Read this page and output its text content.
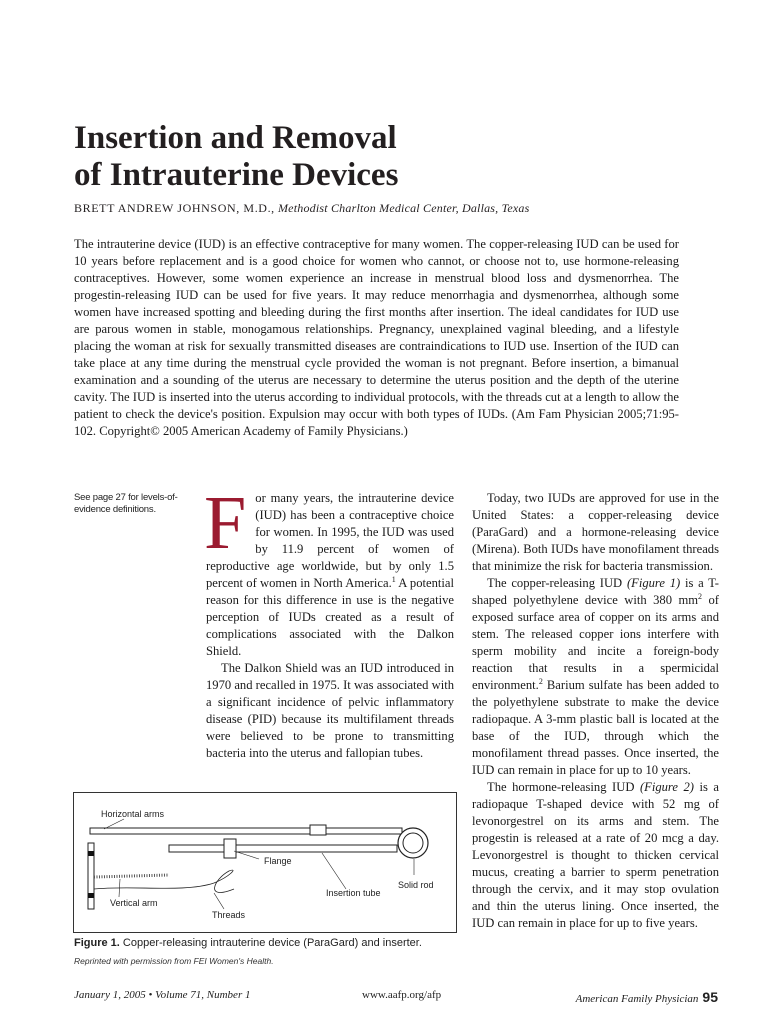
Insertion and Removal
of Intrauterine Devices
BRETT ANDREW JOHNSON, M.D., Methodist Charlton Medical Center, Dallas, Texas

The intrauterine device (IUD) is an effective contraceptive for many women. The copper-releasing IUD can be used for 10 years before replacement and is a good choice for women who cannot, or choose not to, use hormone-releasing contraceptives. However, some women experience an increase in menstrual blood loss and dysmenorrhea. The progestin-releasing IUD can be used for five years. It may reduce menorrhagia and dysmenorrhea, although some women have increased spotting and bleeding during the first months after insertion. The ideal candidates for IUD use are parous women in stable, monogamous relationships. Pregnancy, unexplained vaginal bleeding, and a lifestyle placing the woman at risk for sexually transmitted diseases are contraindications to IUD use. Insertion of the IUD can take place at any time during the menstrual cycle provided the woman is not pregnant. Before insertion, a bimanual examination and a sounding of the uterus are necessary to determine the uterus position and the depth of the uterine cavity. The IUD is inserted into the uterus according to individual protocols, with the threads cut at a length to allow the patient to check the device's position. Expulsion may occur with both types of IUDs. (Am Fam Physician 2005;71:95-102. Copyright© 2005 American Academy of Family Physicians.)

See page 27 for levels-of-evidence definitions. For many years, the intrauterine device (IUD) has been a contraceptive choice for women. In 1995, the IUD was used by 11.9 percent of women of reproductive age worldwide, but by only 1.5 percent of women in North America.$^1$ A potential reason for this difference in use is the negative perception of IUDs created as a result of complications associated with the Dalkon Shield.

The Dalkon Shield was an IUD introduced in 1970 and recalled in 1975. It was associated with a significant incidence of pelvic inflammatory disease (PID) because its multifilament threads were believed to be prone to transmitting bacteria into the uterus and fallopian tubes.

Today, two IUDs are approved for use in the United States: a copper-releasing device (ParaGard) and a hormone-releasing device (Mirena). Both IUDs have monofilament threads that minimize the risk for bacteria transmission.

The copper-releasing IUD (Figure 1) is a T-shaped polyethylene device with 380 $mm^2$ of exposed surface area of copper on its arms and stem. The released copper ions interfere with sperm mobility and incite a foreign-body reaction that results in a spermicidal environment.$^2$ Barium sulfate has been added to the polyethylene substrate to make the device radiopaque. A 3-mm plastic ball is located at the base of the IUD, through which the monofilament thread passes. Once inserted, the IUD can remain in place for up to 10 years.

The hormone-releasing IUD (Figure 2) is a radiopaque T-shaped device with 52 mg of levonorgestrel on its arms and stem. The progestin is released at a rate of 20 mcg a day. Levonorgestrel is thought to thicken cervical mucus, creating a barrier to sperm penetration through the cervix, and it may stop ovulation and thin the uterus lining. Once inserted, the IUD can remain in place for up to five years.

Horizontal arms
Flange
Solid rod
Insertion tube
Vertical arm
Threads
Figure 1. Copper-releasing intrauterine device (ParaGard) and inserter.
Reprinted with permission from FEI Women's Health.
January 1, 2005 • Volume 71, Number 1	www.aafp.org/afp	American Family Physician 95
